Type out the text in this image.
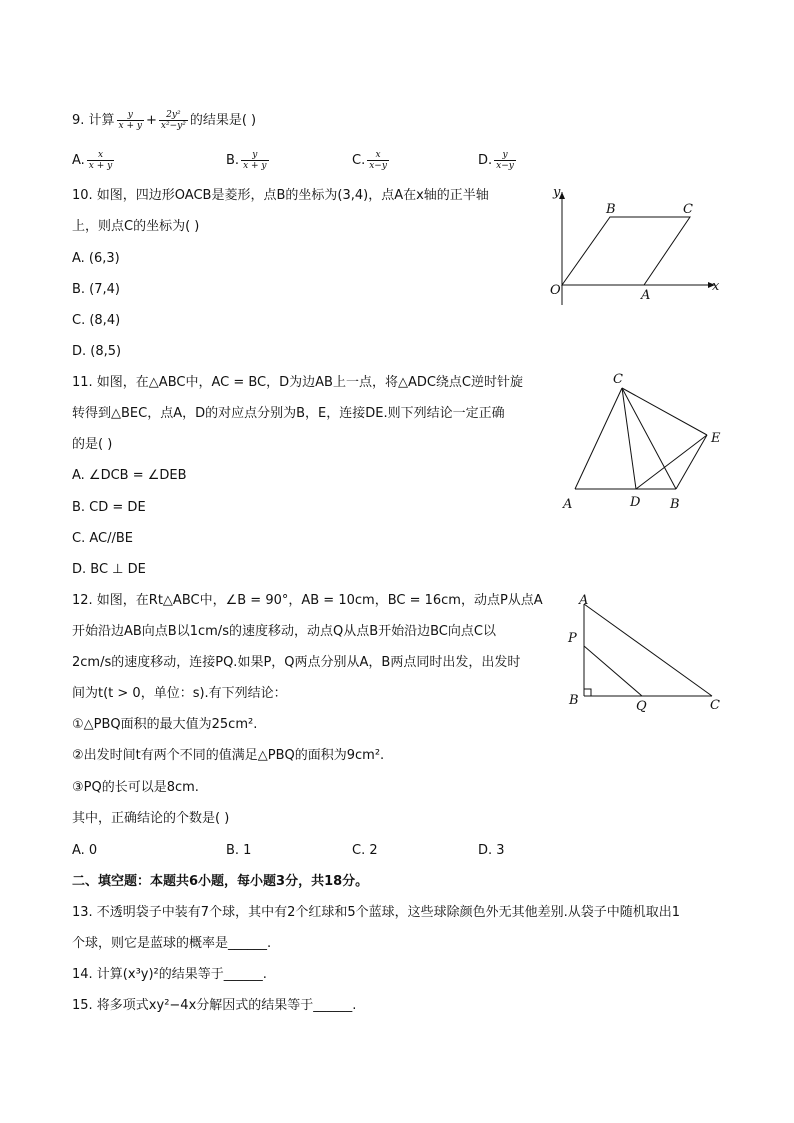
9. 计算 $\frac{y}{x + y} + \frac{\text{2y²}}{\text{x²−y²}}$ 的结果是( )
A. $\frac{x}{x + y}$	B. $\frac{y}{x + y}$	C. $\frac{x}{x-y}$	D. $\frac{y}{x-y}$
10. 如图，四边形OACB是菱形，点B的坐标为(3,4)，点A在x轴的正半轴
上，则点C的坐标为( )
A. (6,3)
B. (7,4)
C. (8,4)
D. (8,5)
y
x
O	A
B	C
11. 如图，在△ABC中，AC = BC，D为边AB上一点，将△ADC绕点C逆时针旋
转得到△BEC，点A，D的对应点分别为B，E，连接DE.则下列结论一定正确
的是( )
A. ∠DCB = ∠DEB
B. CD = DE
C. AC//BE
D. BC ⊥ DE
C
E
A	D B
12. 如图，在Rt△ABC中，∠B = 90°，AB = 10cm，BC = 16cm，动点P从点A
开始沿边AB向点B以1cm/s的速度移动，动点Q从点B开始沿边BC向点C以
2cm/s的速度移动，连接PQ.如果P，Q两点分别从A，B两点同时出发，出发时
间为t(t > 0，单位：s).有下列结论：
①△PBQ面积的最大值为25cm².
②出发时间t有两个不同的值满足△PBQ的面积为9cm².
③PQ的长可以是8cm.
其中，正确结论的个数是( )
A. 0	B. 1	C. 2	D. 3
A
P
B	Q	C
二、填空题：本题共6小题，每小题3分，共18分。
13. 不透明袋子中装有7个球，其中有2个红球和5个蓝球，这些球除颜色外无其他差别.从袋子中随机取出1
个球，则它是蓝球的概率是______.
14. 计算(x³y)²的结果等于______.
15. 将多项式xy²−4x分解因式的结果等于______.
